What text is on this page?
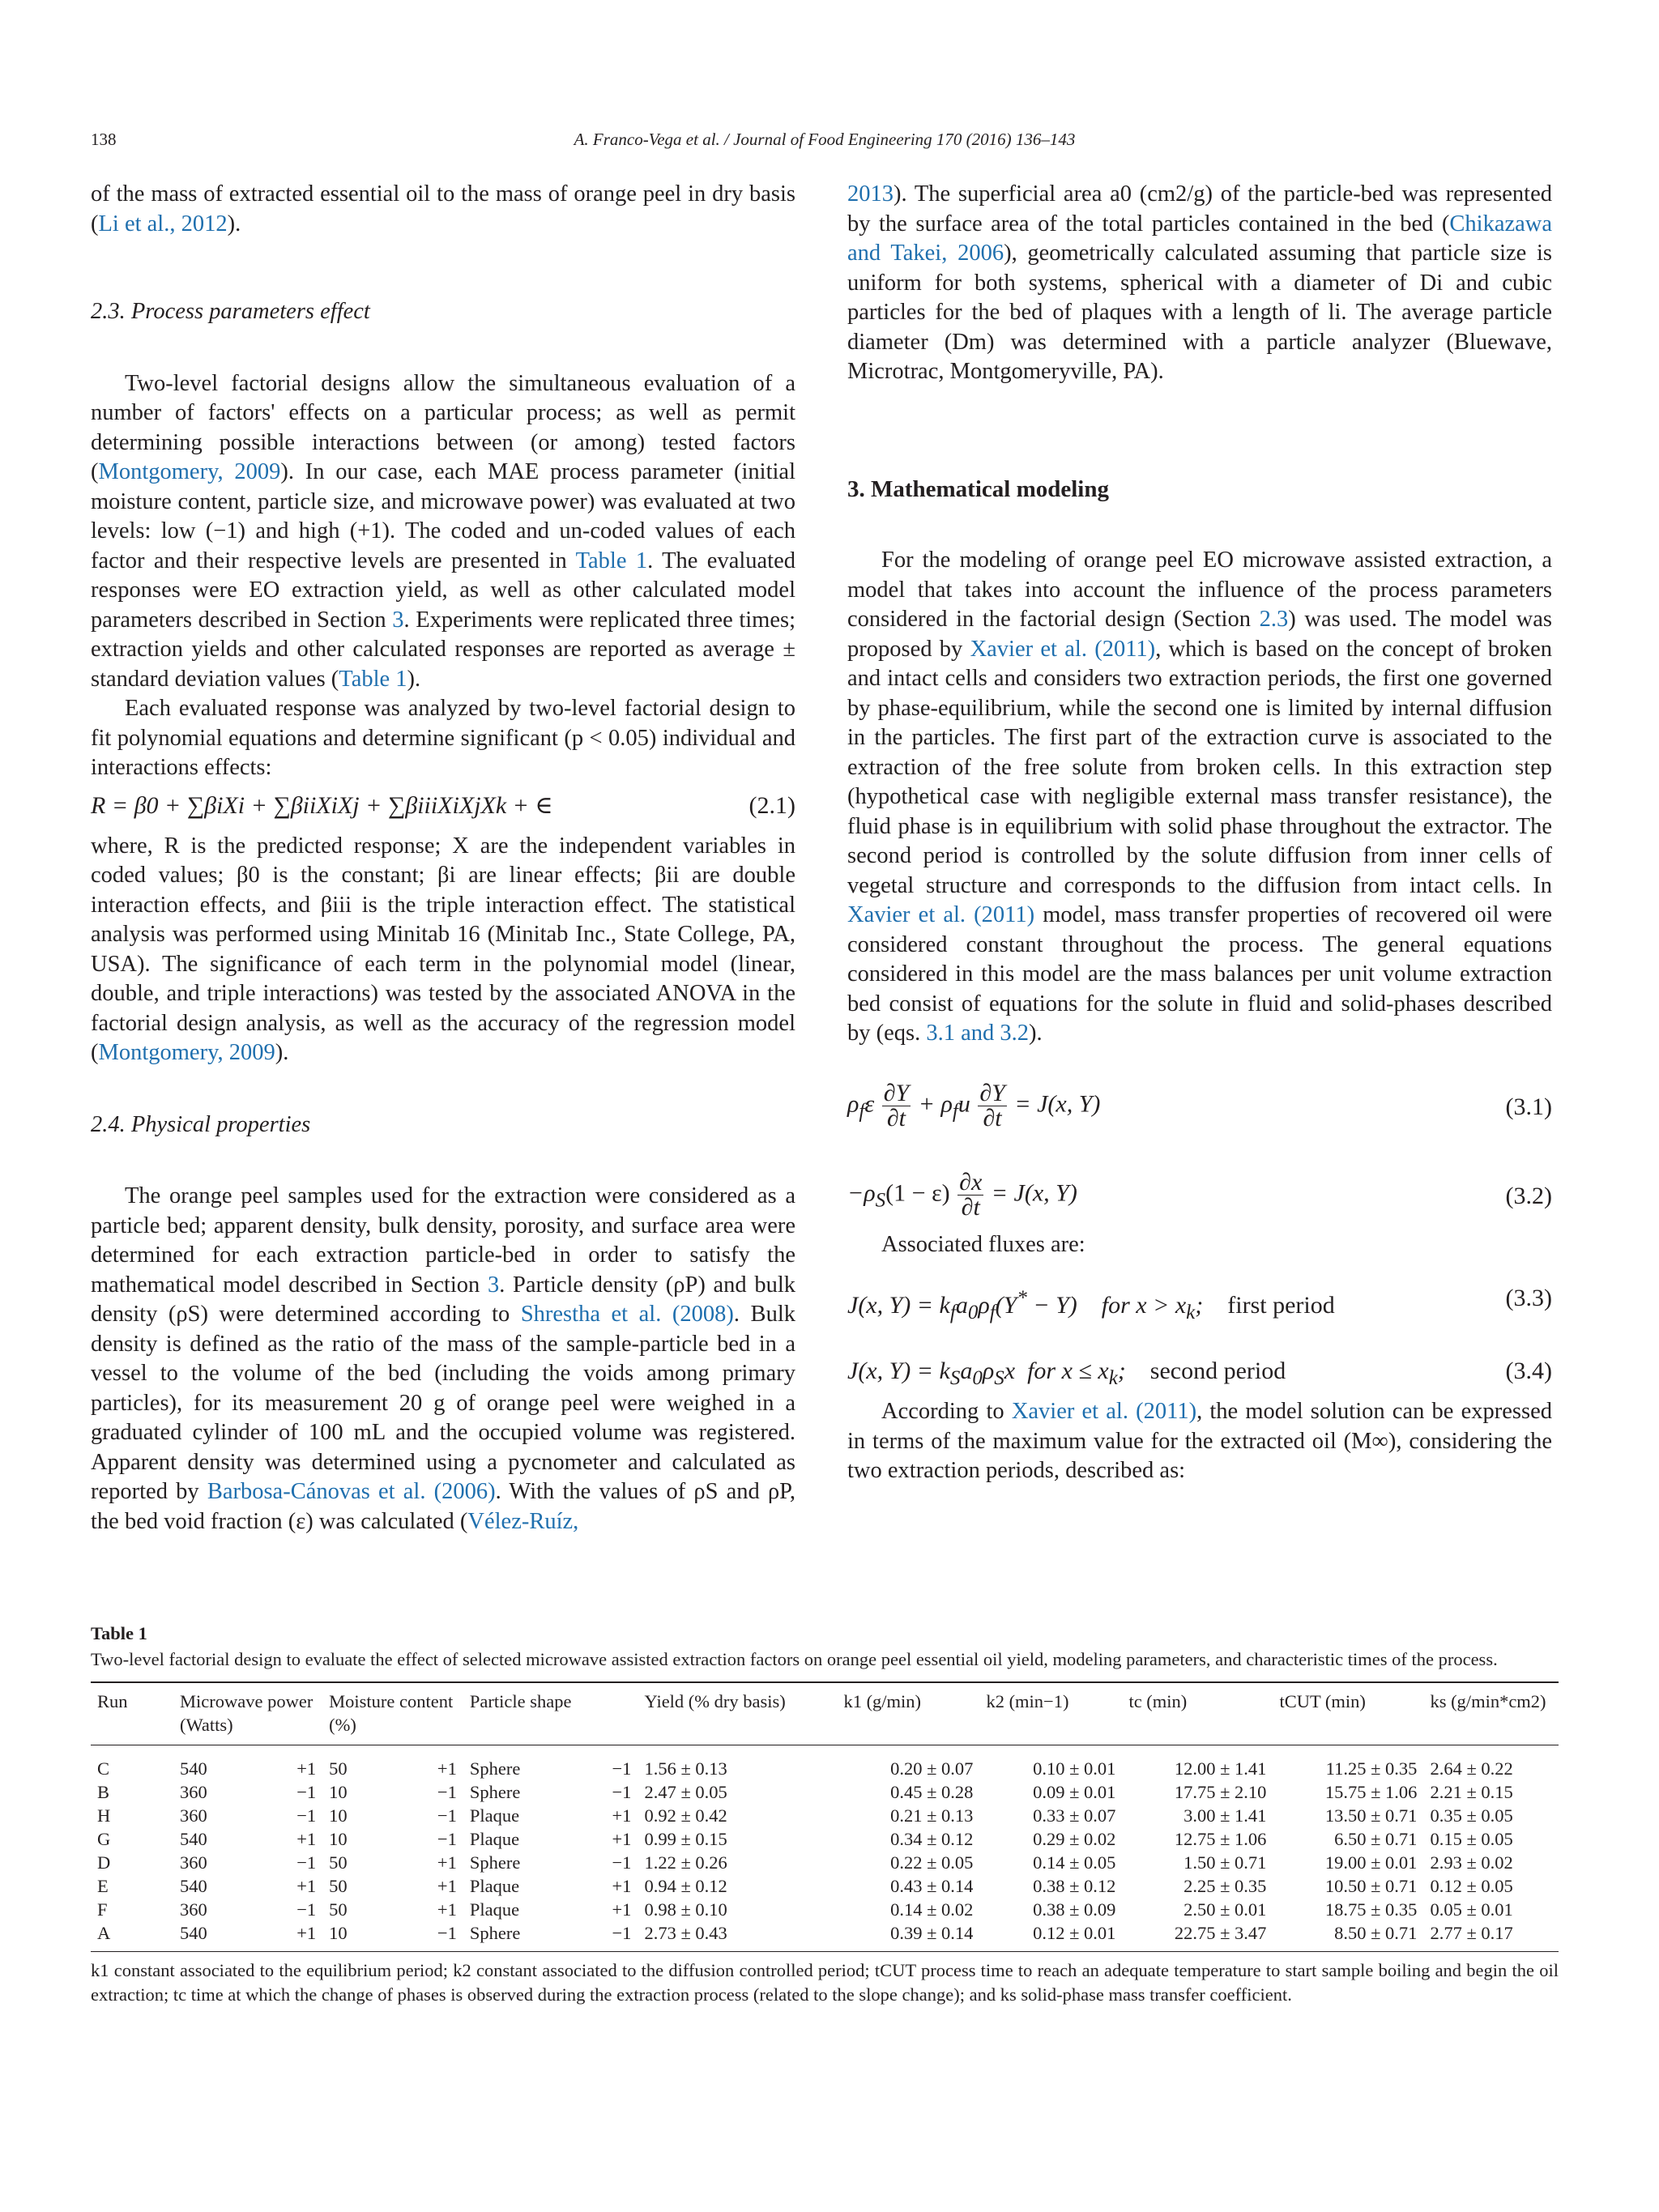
138	A. Franco-Vega et al. / Journal of Food Engineering 170 (2016) 136–143

of the mass of extracted essential oil to the mass of orange peel in dry basis (Li et al., 2012).

2.3. Process parameters effect

Two-level factorial designs allow the simultaneous evaluation of a number of factors' effects on a particular process; as well as permit determining possible interactions between (or among) tested factors (Montgomery, 2009). In our case, each MAE process parameter (initial moisture content, particle size, and microwave power) was evaluated at two levels: low (−1) and high (+1). The coded and un-coded values of each factor and their respective levels are presented in Table 1. The evaluated responses were EO extraction yield, as well as other calculated model parameters described in Section 3. Experiments were replicated three times; extraction yields and other calculated responses are reported as average ± standard deviation values (Table 1).

Each evaluated response was analyzed by two-level factorial design to fit polynomial equations and determine significant (p < 0.05) individual and interactions effects:

R = β0 + ∑βiXi + ∑βiiXiXj + ∑βiiiXiXjXk + ∈	(2.1)

where, R is the predicted response; X are the independent variables in coded values; β0 is the constant; βi are linear effects; βii are double interaction effects, and βiii is the triple interaction effect. The statistical analysis was performed using Minitab 16 (Minitab Inc., State College, PA, USA). The significance of each term in the polynomial model (linear, double, and triple interactions) was tested by the associated ANOVA in the factorial design analysis, as well as the accuracy of the regression model (Montgomery, 2009).

2.4. Physical properties

The orange peel samples used for the extraction were considered as a particle bed; apparent density, bulk density, porosity, and surface area were determined for each extraction particle-bed in order to satisfy the mathematical model described in Section 3. Particle density (ρP) and bulk density (ρS) were determined according to Shrestha et al. (2008). Bulk density is defined as the ratio of the mass of the sample-particle bed in a vessel to the volume of the bed (including the voids among primary particles), for its measurement 20 g of orange peel were weighed in a graduated cylinder of 100 mL and the occupied volume was registered. Apparent density was determined using a pycnometer and calculated as reported by Barbosa-Cánovas et al. (2006). With the values of ρS and ρP, the bed void fraction (ε) was calculated (Vélez-Ruíz,

2013). The superficial area a0 (cm2/g) of the particle-bed was represented by the surface area of the total particles contained in the bed (Chikazawa and Takei, 2006), geometrically calculated assuming that particle size is uniform for both systems, spherical with a diameter of Di and cubic particles for the bed of plaques with a length of li. The average particle diameter (Dm) was determined with a particle analyzer (Bluewave, Microtrac, Montgomeryville, PA).

3. Mathematical modeling

For the modeling of orange peel EO microwave assisted extraction, a model that takes into account the influence of the process parameters considered in the factorial design (Section 2.3) was used. The model was proposed by Xavier et al. (2011), which is based on the concept of broken and intact cells and considers two extraction periods, the first one governed by phase-equilibrium, while the second one is limited by internal diffusion in the particles. The first part of the extraction curve is associated to the extraction of the free solute from broken cells. In this extraction step (hypothetical case with negligible external mass transfer resistance), the fluid phase is in equilibrium with solid phase throughout the extractor. The second period is controlled by the solute diffusion from inner cells of vegetal structure and corresponds to the diffusion from intact cells. In Xavier et al. (2011) model, mass transfer properties of recovered oil were considered constant throughout the process. The general equations considered in this model are the mass balances per unit volume extraction bed consist of equations for the solute in fluid and solid-phases described by (eqs. 3.1 and 3.2).

$\rho_f\varepsilon \frac{\partial Y}{\partial t} + \rho_fu \frac{\partial Y}{\partial t} = J(x$, Y)	(3.1)
$-\rho_S(1 - \varepsilon) \frac{\partial x}{\partial t} = J(x$, Y)	(3.2)

Associated fluxes are:

J(x, $Y) = k_fa_0\rho_f(Y^* - Y)$    for $x > x_k$;    first period	(3.3)
J(x, $Y) = k_Sa_0\rho_Sx$  for $x \le x_k$;    second period	(3.4)

According to Xavier et al. (2011), the model solution can be expressed in terms of the maximum value for the extracted oil (M∞), considering the two extraction periods, described as:

Table 1
Two-level factorial design to evaluate the effect of selected microwave assisted extraction factors on orange peel essential oil yield, modeling parameters, and characteristic times of the process.
Run	Microwave power (Watts)		Moisture content (%)		Particle shape		Yield (% dry basis)	k1 (g/min)	k2 (min−1)	tc (min)	tCUT (min)	ks (g/min*cm2)
C	540	+1	50	+1	Sphere	−1	1.56 ± 0.13	0.20 ± 0.07	0.10 ± 0.01	12.00 ± 1.41	11.25 ± 0.35	2.64 ± 0.22
B	360	−1	10	−1	Sphere	−1	2.47 ± 0.05	0.45 ± 0.28	0.09 ± 0.01	17.75 ± 2.10	15.75 ± 1.06	2.21 ± 0.15
H	360	−1	10	−1	Plaque	+1	0.92 ± 0.42	0.21 ± 0.13	0.33 ± 0.07	3.00 ± 1.41	13.50 ± 0.71	0.35 ± 0.05
G	540	+1	10	−1	Plaque	+1	0.99 ± 0.15	0.34 ± 0.12	0.29 ± 0.02	12.75 ± 1.06	6.50 ± 0.71	0.15 ± 0.05
D	360	−1	50	+1	Sphere	−1	1.22 ± 0.26	0.22 ± 0.05	0.14 ± 0.05	1.50 ± 0.71	19.00 ± 0.01	2.93 ± 0.02
E	540	+1	50	+1	Plaque	+1	0.94 ± 0.12	0.43 ± 0.14	0.38 ± 0.12	2.25 ± 0.35	10.50 ± 0.71	0.12 ± 0.05
F	360	−1	50	+1	Plaque	+1	0.98 ± 0.10	0.14 ± 0.02	0.38 ± 0.09	2.50 ± 0.01	18.75 ± 0.35	0.05 ± 0.01
A	540	+1	10	−1	Sphere	−1	2.73 ± 0.43	0.39 ± 0.14	0.12 ± 0.01	22.75 ± 3.47	8.50 ± 0.71	2.77 ± 0.17
k1 constant associated to the equilibrium period; k2 constant associated to the diffusion controlled period; tCUT process time to reach an adequate temperature to start sample boiling and begin the oil extraction; tc time at which the change of phases is observed during the extraction process (related to the slope change); and ks solid-phase mass transfer coefficient.
